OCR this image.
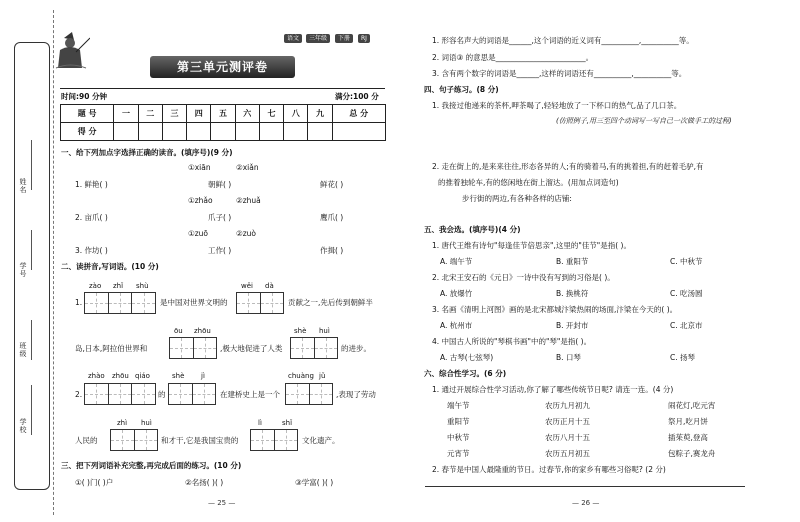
姓名
学号
班级
学校
第三单元测评卷
语文	三年级	下册	RJ
时间:90 分钟	满分:100 分
题 号	一	二	三	四	五	六	七	八	九	总 分
得 分										
一、给下列加点字选择正确的读音。(填序号)(9 分)
①xiān	②xiǎn
1. 鲜艳( )	朝鲜( )	鲜花( )
①zhǎo	②zhuǎ
2. 亩爪( )	爪子( )	鹰爪( )
①zuō	②zuò
3. 作坊( )	工作( )	作揖( )
二、读拼音,写词语。(10 分)
zào zhǐ shù	wěi dà
1.	是中国对世界文明的	贡献之一,先后传到朝鲜半
ōu zhōu	shè huì
岛,日本,阿拉伯世界和	,极大地促进了人类	的进步。
zhào zhōu qiáo	shè jì	chuàng jǔ
2.	的	在建桥史上是一个	,表现了劳动
zhì huì	lì	shǐ
人民的	和才干,它是我国宝贵的	文化遗产。
三、把下列词语补充完整,再完成后面的练习。(10 分)
①( )门( )户	②名扬( )( )	③学富( )( )
— 25 —
1. 形容名声大的词语是______,这个词语的近义词有__________,__________等。
2. 词语③ 的意思是________________________。
3. 含有两个数字的词语是______,这样的词语还有__________,__________等。
四、句子练习。(8 分)
1. 我接过他递来的茶杯,呷茶喝了,轻轻地放了一下杯口的热气,品了几口茶。
(仿照例子,用三至四个动词写一写自己一次做手工的过程)
2. 走在街上的,是来来往往,形态各异的人;有的骑着马,有的挑着担,有的赶着毛驴,有
的推着独轮车,有的悠闲地在街上溜达。(用加点词造句)
步行街的两边,有各种各样的店铺:
五、我会选。(填序号)(4 分)
1. 唐代王维有诗句"每逢佳节倍思亲",这里的"佳节"是指( )。
A. 端午节	B. 重阳节	C. 中秋节
2. 北宋王安石的《元日》一诗中没有写到的习俗是( )。
A. 放爆竹	B. 换桃符	C. 吃汤圆
3. 名画《清明上河图》画的是北宋都城汴梁热闹的场面,汴梁在今天的( )。
A. 杭州市	B. 开封市	C. 北京市
4. 中国古人所说的"琴棋书画"中的"琴"是指( )。
A. 古琴(七弦琴)	B. 口琴	C. 扬琴
六、综合性学习。(6 分)
1. 通过开展综合性学习活动,你了解了哪些传统节日呢? 请连一连。(4 分)
端午节	农历九月初九	闹花灯,吃元宵
重阳节	农历正月十五	祭月,吃月饼
中秋节	农历八月十五	插茱萸,登高
元宵节	农历五月初五	包粽子,赛龙舟
2. 春节是中国人最隆重的节日。过春节,你的家乡有哪些习俗呢? (2 分)
— 26 —
